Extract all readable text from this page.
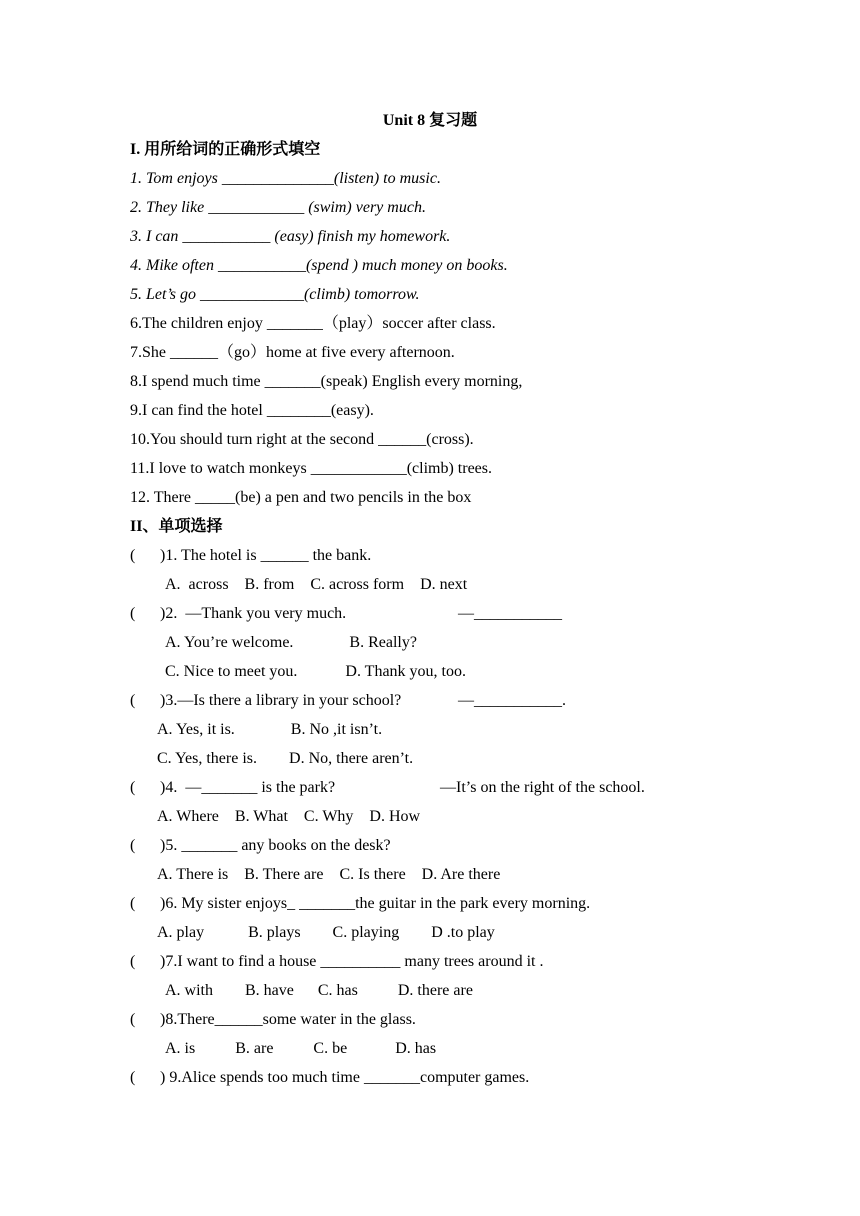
Unit 8 复习题
I. 用所给词的正确形式填空
1. Tom enjoys ______________(listen) to music.
2. They like ____________ (swim) very much.
3. I can ___________ (easy) finish my homework.
4. Mike often ___________(spend ) much money on books.
5. Let’s go _____________(climb) tomorrow.
6.The children enjoy _______（play）soccer after class.
7.She ______（go）home at five every afternoon.
8.I spend much time _______(speak) English every morning,
9.I can find the hotel ________(easy).
10.You should turn right at the second ______(cross).
11.I love to watch monkeys ____________(climb) trees.
12. There _____(be) a pen and two pencils in the box
II、单项选择
( )1. The hotel is ______ the bank.
A.  across    B. from    C. across form    D. next
( )2.  —Thank you very much.	—___________
A. You’re welcome.              B. Really?
C. Nice to meet you.            D. Thank you, too.
( )3.—Is there a library in your school?	—___________.
A. Yes, it is.              B. No ,it isn’t.
C. Yes, there is.        D. No, there aren’t.
( )4.  —_______ is the park?	—It’s on the right of the school.
A. Where    B. What    C. Why    D. How
( )5. _______ any books on the desk?
A. There is    B. There are    C. Is there    D. Are there
( )6. My sister enjoys_ _______the guitar in the park every morning.
A. play           B. plays        C. playing        D .to play
( )7.I want to find a house __________ many trees around it .
A. with        B. have      C. has          D. there are
( )8.There______some water in the glass.
A. is          B. are          C. be            D. has
( ) 9.Alice spends too much time _______computer games.
